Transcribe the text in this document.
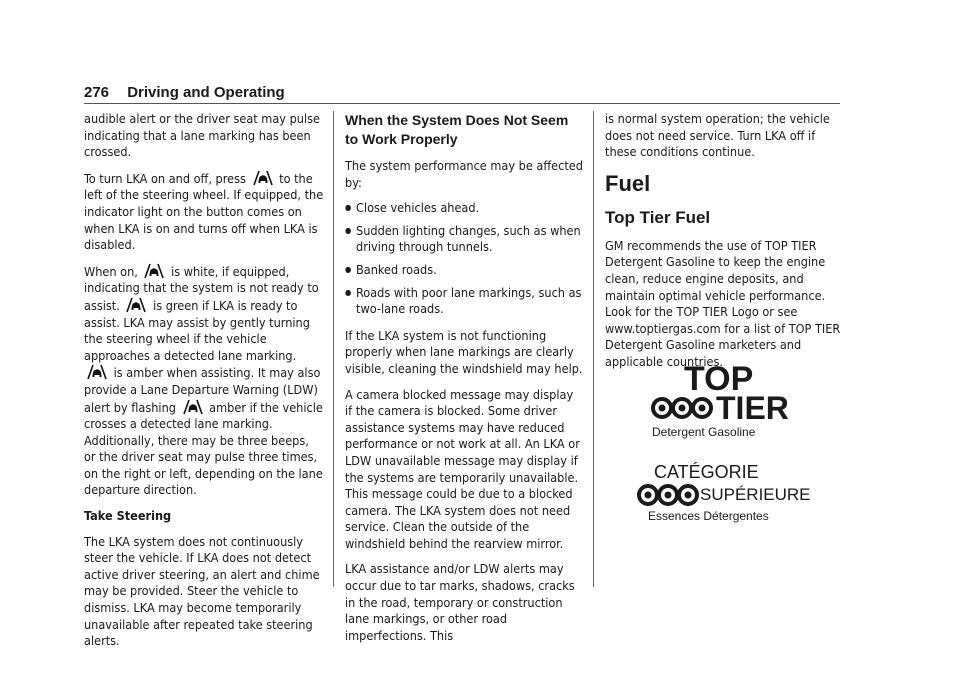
276 Driving and Operating

audible alert or the driver seat may pulse indicating that a lane marking has been crossed.

To turn LKA on and off, press	to the left of the steering wheel. If equipped, the indicator light on the button comes on when LKA is on and turns off when LKA is disabled.

When on,	is white, if equipped, indicating that the system is not ready to assist.	is green if LKA is ready to assist. LKA may assist by gently turning the steering wheel if the vehicle approaches a detected lane marking.  is amber when assisting. It may also provide a Lane Departure Warning (LDW) alert by flashing	amber if the vehicle crosses a detected lane marking. Additionally, there may be three beeps, or the driver seat may pulse three times, on the right or left, depending on the lane departure direction.

Take Steering

The LKA system does not continuously steer the vehicle. If LKA does not detect active driver steering, an alert and chime may be provided. Steer the vehicle to dismiss. LKA may become temporarily unavailable after repeated take steering alerts.

When the System Does Not Seem to Work Properly

The system performance may be affected by:

● Close vehicles ahead.
● Sudden lighting changes, such as when driving through tunnels.
● Banked roads.
● Roads with poor lane markings, such as two-lane roads.

If the LKA system is not functioning properly when lane markings are clearly visible, cleaning the windshield may help.

A camera blocked message may display if the camera is blocked. Some driver assistance systems may have reduced performance or not work at all. An LKA or LDW unavailable message may display if the systems are temporarily unavailable. This message could be due to a blocked camera. The LKA system does not need service. Clean the outside of the windshield behind the rearview mirror.

LKA assistance and/or LDW alerts may occur due to tar marks, shadows, cracks in the road, temporary or construction lane markings, or other road imperfections. This

is normal system operation; the vehicle does not need service. Turn LKA off if these conditions continue.

Fuel

Top Tier Fuel

GM recommends the use of TOP TIER Detergent Gasoline to keep the engine clean, reduce engine deposits, and maintain optimal vehicle performance. Look for the TOP TIER Logo or see www.toptiergas.com for a list of TOP TIER Detergent Gasoline marketers and applicable countries.

TOP
TIER
Detergent Gasoline
CATÉGORIE
SUPÉRIEURE
Essences Détergentes
